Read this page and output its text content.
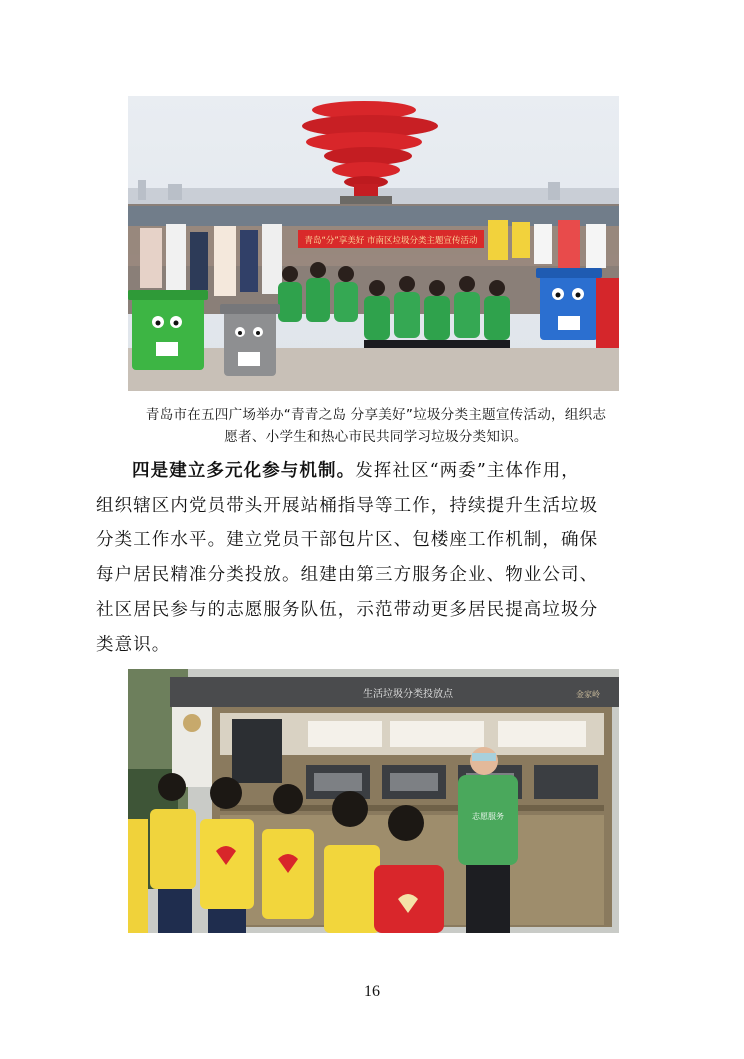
青岛“分”享美好 市南区垃圾分类主题宣传活动
青岛市在五四广场举办“青青之岛 分享美好”垃圾分类主题宣传活动，组织志
愿者、小学生和热心市民共同学习垃圾分类知识。
四是建立多元化参与机制。发挥社区“两委”主体作用，
组织辖区内党员带头开展站桶指导等工作，持续提升生活垃圾
分类工作水平。建立党员干部包片区、包楼座工作机制，确保
每户居民精准分类投放。组建由第三方服务企业、物业公司、
社区居民参与的志愿服务队伍，示范带动更多居民提高垃圾分
类意识。
生活垃圾分类投放点	金家岭
志愿服务
16
